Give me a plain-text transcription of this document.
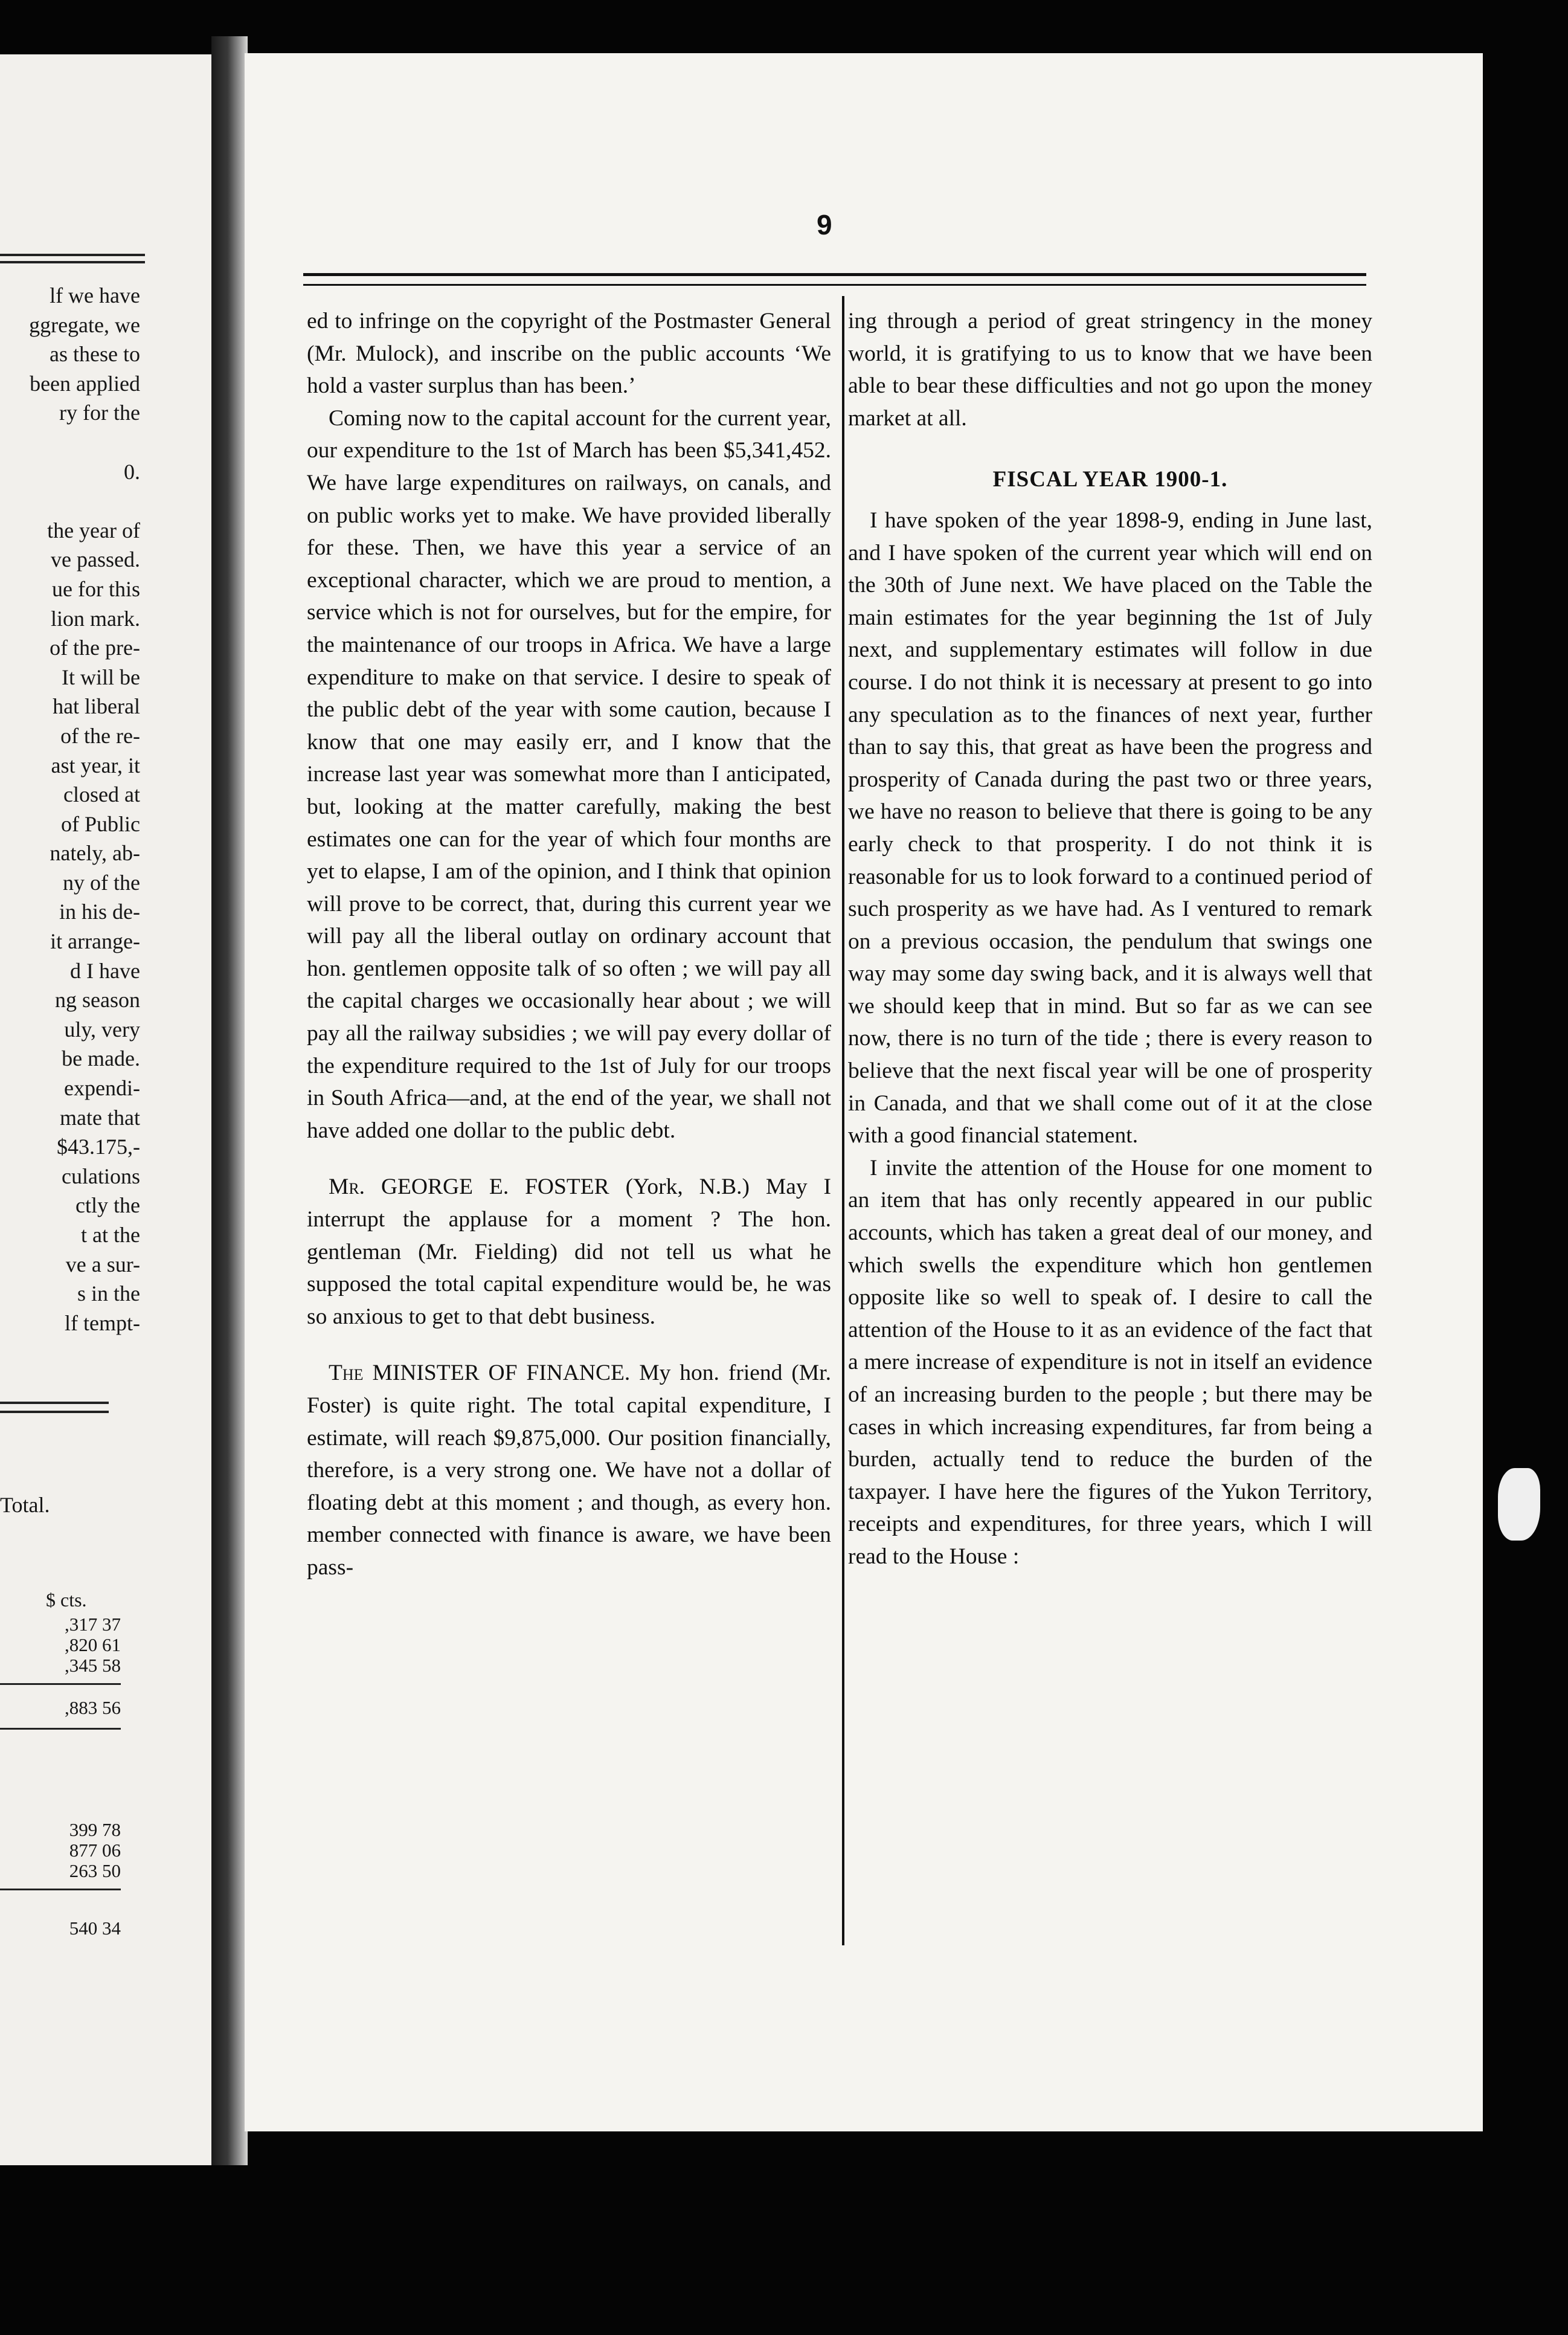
lf we have
ggregate, we
as these to
been applied
ry for the
0.
the year of
ve passed.
ue for this
lion mark.
of the pre-
It will be
hat liberal
of the re-
ast year, it
closed at
of Public
nately, ab-
ny of the
in his de-
it arrange-
d I have
ng season
uly, very
be made.
expendi-
mate that
$43.175,-
culations
ctly the
t at the
ve a sur-
s in the
lf tempt-
Total.
$ cts.
,317 37
,820 61
,345 58
,883 56
399 78
877 06
263 50
540 34
9

ed to infringe on the copyright of the Postmaster General (Mr. Mulock), and inscribe on the public accounts ‘We hold a vaster surplus than has been.’

Coming now to the capital account for the current year, our expenditure to the 1st of March has been $5,341,452. We have large expenditures on railways, on canals, and on public works yet to make. We have provided liberally for these. Then, we have this year a service of an exceptional character, which we are proud to mention, a service which is not for ourselves, but for the empire, for the maintenance of our troops in Africa. We have a large expenditure to make on that service. I desire to speak of the public debt of the year with some caution, because I know that one may easily err, and I know that the increase last year was somewhat more than I anticipated, but, looking at the matter carefully, making the best estimates one can for the year of which four months are yet to elapse, I am of the opinion, and I think that opinion will prove to be correct, that, during this current year we will pay all the liberal outlay on ordinary account that hon. gentlemen opposite talk of so often ; we will pay all the capital charges we occasionally hear about ; we will pay all the railway subsidies ; we will pay every dollar of the expenditure required to the 1st of July for our troops in South Africa—and, at the end of the year, we shall not have added one dollar to the public debt.

Mr. GEORGE E. FOSTER (York, N.B.) May I interrupt the applause for a moment ? The hon. gentleman (Mr. Fielding) did not tell us what he supposed the total capital expenditure would be, he was so anxious to get to that debt business.

The MINISTER OF FINANCE. My hon. friend (Mr. Foster) is quite right. The total capital expenditure, I estimate, will reach $9,875,000. Our position financially, therefore, is a very strong one. We have not a dollar of floating debt at this moment ; and though, as every hon. member connected with finance is aware, we have been pass-

ing through a period of great stringency in the money world, it is gratifying to us to know that we have been able to bear these difficulties and not go upon the money market at all.

FISCAL YEAR 1900-1.

I have spoken of the year 1898-9, ending in June last, and I have spoken of the current year which will end on the 30th of June next. We have placed on the Table the main estimates for the year beginning the 1st of July next, and supplementary estimates will follow in due course. I do not think it is necessary at present to go into any speculation as to the finances of next year, further than to say this, that great as have been the progress and prosperity of Canada during the past two or three years, we have no reason to believe that there is going to be any early check to that prosperity. I do not think it is reasonable for us to look forward to a continued period of such prosperity as we have had. As I ventured to remark on a previous occasion, the pendulum that swings one way may some day swing back, and it is always well that we should keep that in mind. But so far as we can see now, there is no turn of the tide ; there is every reason to believe that the next fiscal year will be one of prosperity in Canada, and that we shall come out of it at the close with a good financial statement.

I invite the attention of the House for one moment to an item that has only recently appeared in our public accounts, which has taken a great deal of our money, and which swells the expenditure which hon gentlemen opposite like so well to speak of. I desire to call the attention of the House to it as an evidence of the fact that a mere increase of expenditure is not in itself an evidence of an increasing burden to the people ; but there may be cases in which increasing expenditures, far from being a burden, actually tend to reduce the burden of the taxpayer. I have here the figures of the Yukon Territory, receipts and expenditures, for three years, which I will read to the House :
